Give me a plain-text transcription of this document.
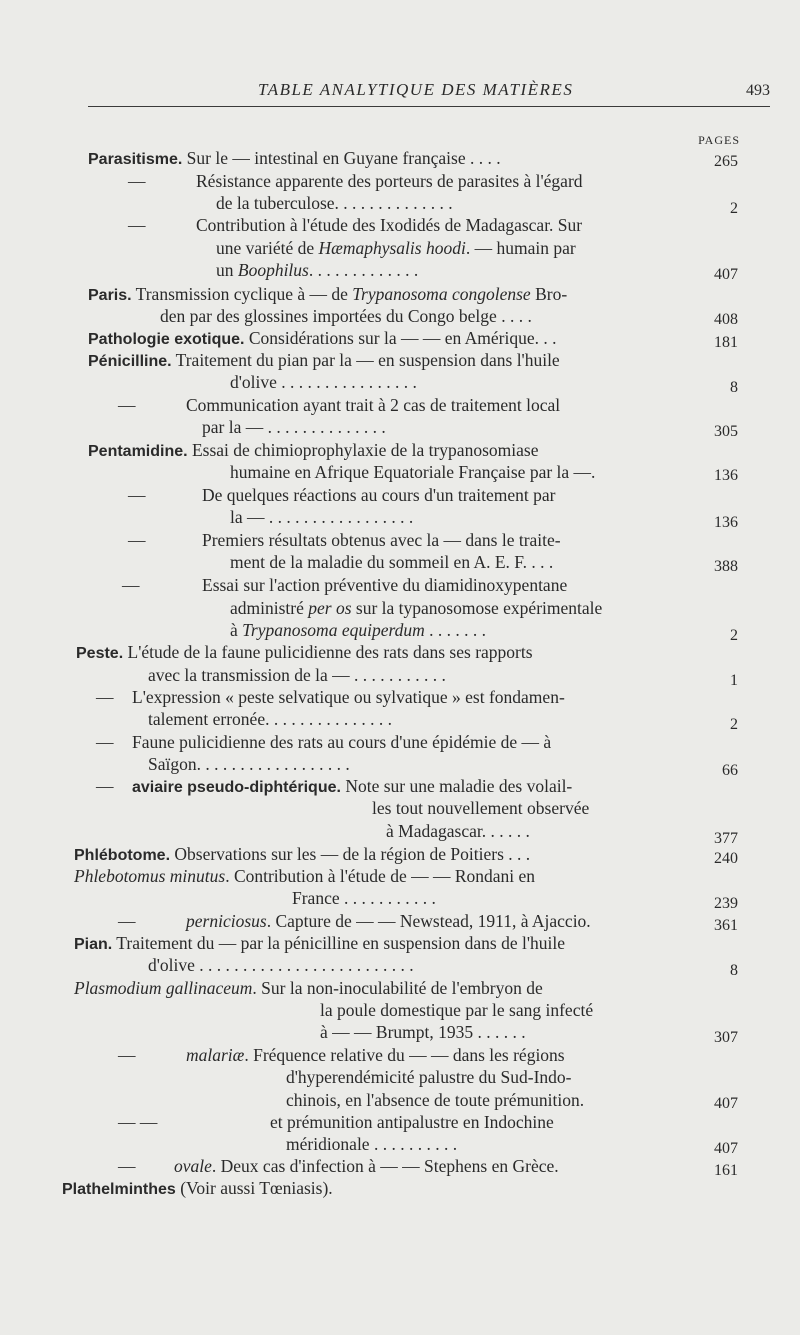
TABLE ANALYTIQUE DES MATIÈRES	493
PAGES
Parasitisme. Sur le — intestinal en Guyane française . . . .	265
—	Résistance apparente des porteurs de parasites à l'égard
de la tuberculose. . . . . . . . . . . . . .	2
—	Contribution à l'étude des Ixodidés de Madagascar. Sur
une variété de Hæmaphysalis hoodi. — humain par
un Boophilus. . . . . . . . . . . . .	407
Paris. Transmission cyclique à — de Trypanosoma congolense Bro-
den par des glossines importées du Congo belge . . . .	408
Pathologie exotique. Considérations sur la — — en Amérique. . .	181
Pénicilline. Traitement du pian par la — en suspension dans l'huile
d'olive . . . . . . . . . . . . . . . .	8
—	Communication ayant trait à 2 cas de traitement local
par la — . . . . . . . . . . . . . .	305
Pentamidine. Essai de chimioprophylaxie de la trypanosomiase
humaine en Afrique Equatoriale Française par la —.	136
—	De quelques réactions au cours d'un traitement par
la — . . . . . . . . . . . . . . . . .	136
—	Premiers résultats obtenus avec la — dans le traite-
ment de la maladie du sommeil en A. E. F. . . .	388
—	Essai sur l'action préventive du diamidinoxypentane
administré per os sur la typanosomose expérimentale
à Trypanosoma equiperdum . . . . . . .	2
Peste. L'étude de la faune pulicidienne des rats dans ses rapports
avec la transmission de la — . . . . . . . . . . .	1
— L'expression « peste selvatique ou sylvatique » est fondamen-
talement erronée. . . . . . . . . . . . . . .	2
— Faune pulicidienne des rats au cours d'une épidémie de — à
Saïgon. . . . . . . . . . . . . . . . . .	66
— aviaire pseudo-diphtérique. Note sur une maladie des volail-
les tout nouvellement observée
à Madagascar. . . . . .	377
Phlébotome. Observations sur les — de la région de Poitiers . . .	240
Phlebotomus minutus. Contribution à l'étude de — — Rondani en
France . . . . . . . . . . .	239
—	perniciosus. Capture de — — Newstead, 1911, à Ajaccio.	361
Pian. Traitement du — par la pénicilline en suspension dans de l'huile
d'olive . . . . . . . . . . . . . . . . . . . . . . . . .	8
Plasmodium gallinaceum. Sur la non-inoculabilité de l'embryon de
la poule domestique par le sang infecté
à — — Brumpt, 1935 . . . . . .	307
—	malariæ. Fréquence relative du — — dans les régions
d'hyperendémicité palustre du Sud-Indo-
chinois, en l'absence de toute prémunition.	407
— —	et prémunition antipalustre en Indochine
méridionale . . . . . . . . . .	407
— ovale. Deux cas d'infection à — — Stephens en Grèce.	161
Plathelminthes (Voir aussi Tœniasis).
